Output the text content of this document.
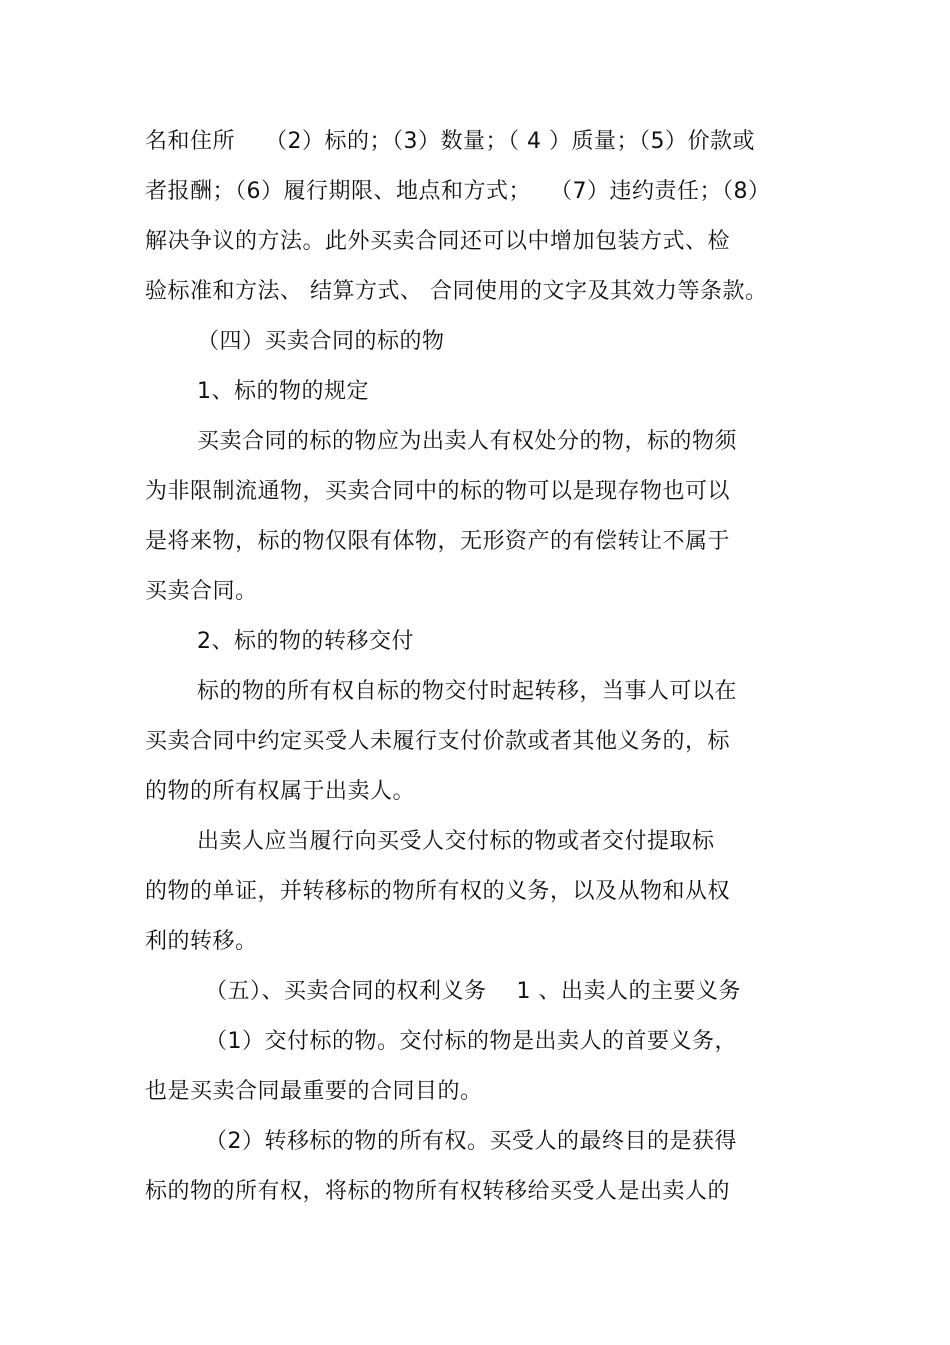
名和住所　 （2）标的；（3）数量；（ 4 ）质量；（5）价款或
者报酬；（6）履行期限、地点和方式；　 （7）违约责任；（8）
解决争议的方法。此外买卖合同还可以中增加包装方式、检
验标准和方法、 结算方式、 合同使用的文字及其效力等条款。
（四）买卖合同的标的物
1、标的物的规定
买卖合同的标的物应为出卖人有权处分的物，标的物须
为非限制流通物，买卖合同中的标的物可以是现存物也可以
是将来物，标的物仅限有体物，无形资产的有偿转让不属于
买卖合同。
2、标的物的转移交付
标的物的所有权自标的物交付时起转移，当事人可以在
买卖合同中约定买受人未履行支付价款或者其他义务的，标
的物的所有权属于出卖人。
出卖人应当履行向买受人交付标的物或者交付提取标
的物的单证，并转移标的物所有权的义务，以及从物和从权
利的转移。
（五）、买卖合同的权利义务　 1 、出卖人的主要义务
（1）交付标的物。交付标的物是出卖人的首要义务，
也是买卖合同最重要的合同目的。
（2）转移标的物的所有权。买受人的最终目的是获得
标的物的所有权，将标的物所有权转移给买受人是出卖人的
